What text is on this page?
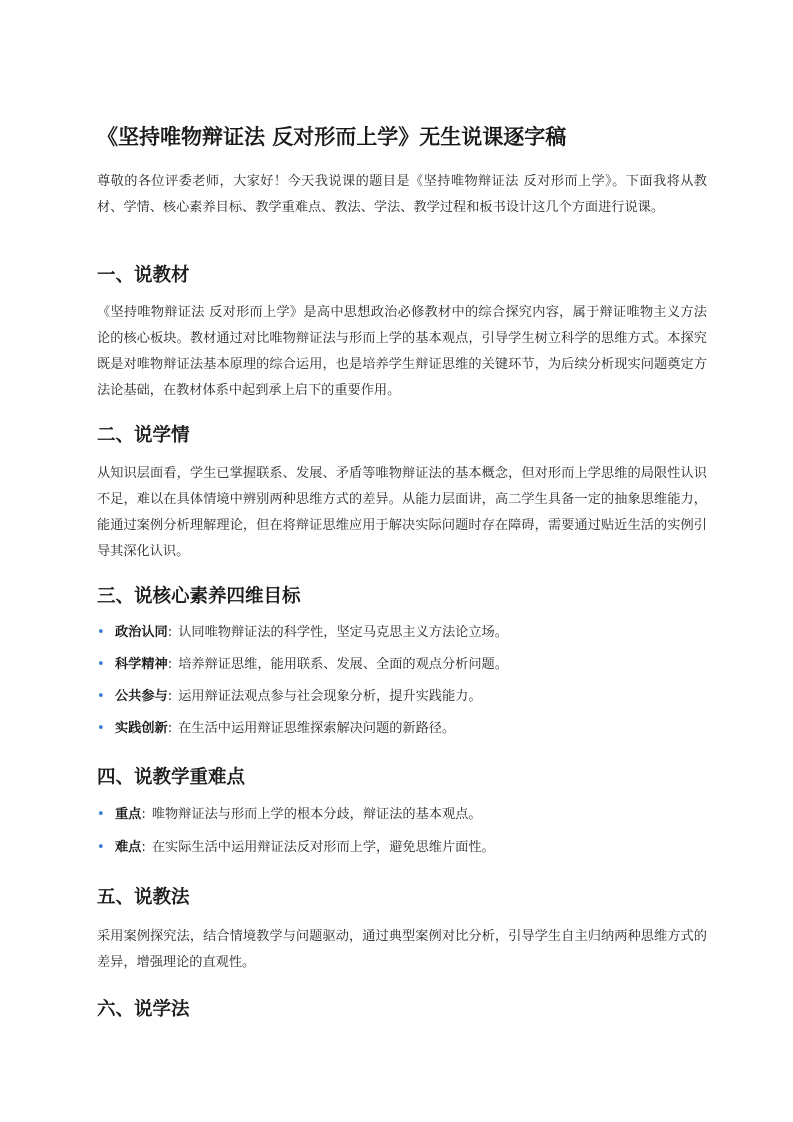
《坚持唯物辩证法 反对形而上学》无生说课逐字稿

尊敬的各位评委老师，大家好！今天我说课的题目是《坚持唯物辩证法 反对形而上学》。下面我将从教材、学情、核心素养目标、教学重难点、教法、学法、教学过程和板书设计这几个方面进行说课。

一、说教材

《坚持唯物辩证法 反对形而上学》是高中思想政治必修教材中的综合探究内容，属于辩证唯物主义方法论的核心板块。教材通过对比唯物辩证法与形而上学的基本观点，引导学生树立科学的思维方式。本探究既是对唯物辩证法基本原理的综合运用，也是培养学生辩证思维的关键环节，为后续分析现实问题奠定方法论基础，在教材体系中起到承上启下的重要作用。

二、说学情

从知识层面看，学生已掌握联系、发展、矛盾等唯物辩证法的基本概念，但对形而上学思维的局限性认识不足，难以在具体情境中辨别两种思维方式的差异。从能力层面讲，高二学生具备一定的抽象思维能力，能通过案例分析理解理论，但在将辩证思维应用于解决实际问题时存在障碍，需要通过贴近生活的实例引导其深化认识。

三、说核心素养四维目标
• 政治认同: 认同唯物辩证法的科学性，坚定马克思主义方法论立场。
• 科学精神: 培养辩证思维，能用联系、发展、全面的观点分析问题。
• 公共参与: 运用辩证法观点参与社会现象分析，提升实践能力。
• 实践创新: 在生活中运用辩证思维探索解决问题的新路径。
四、说教学重难点
• 重点: 唯物辩证法与形而上学的根本分歧，辩证法的基本观点。
• 难点: 在实际生活中运用辩证法反对形而上学，避免思维片面性。
五、说教法

采用案例探究法，结合情境教学与问题驱动，通过典型案例对比分析，引导学生自主归纳两种思维方式的差异，增强理论的直观性。

六、说学法
